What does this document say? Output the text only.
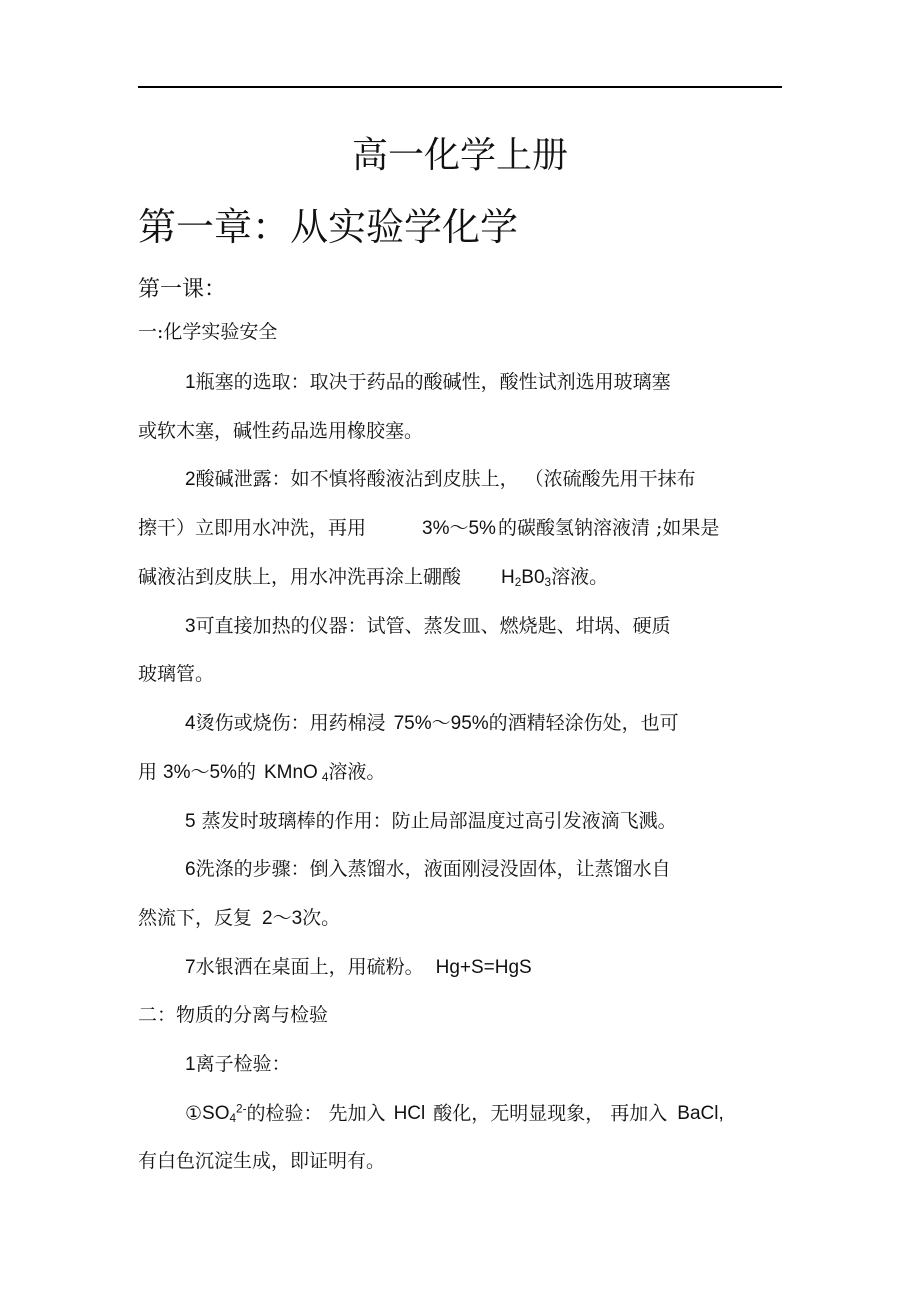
高一化学上册
第一章：从实验学化学
第一课：
一:化学实验安全
1瓶塞的选取：取决于药品的酸碱性，酸性试剂选用玻璃塞
或软木塞，碱性药品选用橡胶塞。
2酸碱泄露：如不慎将酸液沾到皮肤上， （浓硫酸先用干抹布
擦干）立即用水冲洗，再用	3%～5% 的碳酸氢钠溶液清 ;如果是
碱液沾到皮肤上，用水冲洗再涂上硼酸 $H_2B0_3$溶液。
3可直接加热的仪器：试管、蒸发皿、燃烧匙、坩埚、硬质
玻璃管。
4烫伤或烧伤：用药棉浸 75%～95%的酒精轻涂伤处，也可
用 3%～5%的 KMnO $_4$溶液。
5 蒸发时玻璃棒的作用：防止局部温度过高引发液滴飞溅。
6洗涤的步骤：倒入蒸馏水，液面刚浸没固体，让蒸馏水自
然流下，反复 2～3次。
7水银洒在桌面上，用硫粉。 Hg+S=HgS
二：物质的分离与检验
1离子检验：
$①SO_4^{2-}$的检验： 先加入 HCl 酸化，无明显现象， 再加入 BaCl,
有白色沉淀生成，即证明有。
